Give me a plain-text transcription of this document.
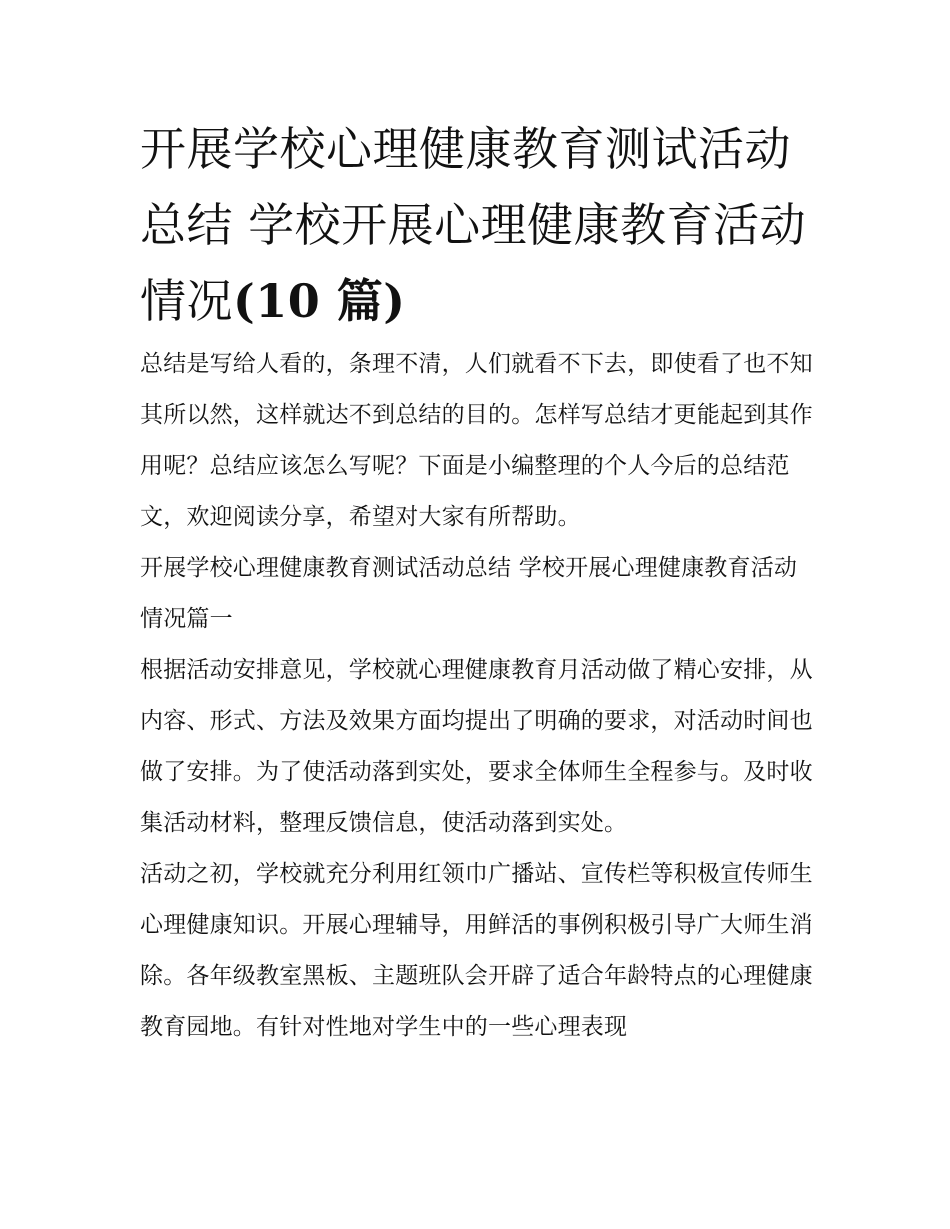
开展学校心理健康教育测试活动总结 学校开展心理健康教育活动情况(10 篇)

总结是写给人看的，条理不清，人们就看不下去，即使看了也不知其所以然，这样就达不到总结的目的。怎样写总结才更能起到其作用呢？总结应该怎么写呢？下面是小编整理的个人今后的总结范文，欢迎阅读分享，希望对大家有所帮助。

开展学校心理健康教育测试活动总结 学校开展心理健康教育活动情况篇一

根据活动安排意见，学校就心理健康教育月活动做了精心安排，从内容、形式、方法及效果方面均提出了明确的要求，对活动时间也做了安排。为了使活动落到实处，要求全体师生全程参与。及时收集活动材料，整理反馈信息，使活动落到实处。

活动之初，学校就充分利用红领巾广播站、宣传栏等积极宣传师生心理健康知识。开展心理辅导，用鲜活的事例积极引导广大师生消除。各年级教室黑板、主题班队会开辟了适合年龄特点的心理健康教育园地。有针对性地对学生中的一些心理表现
